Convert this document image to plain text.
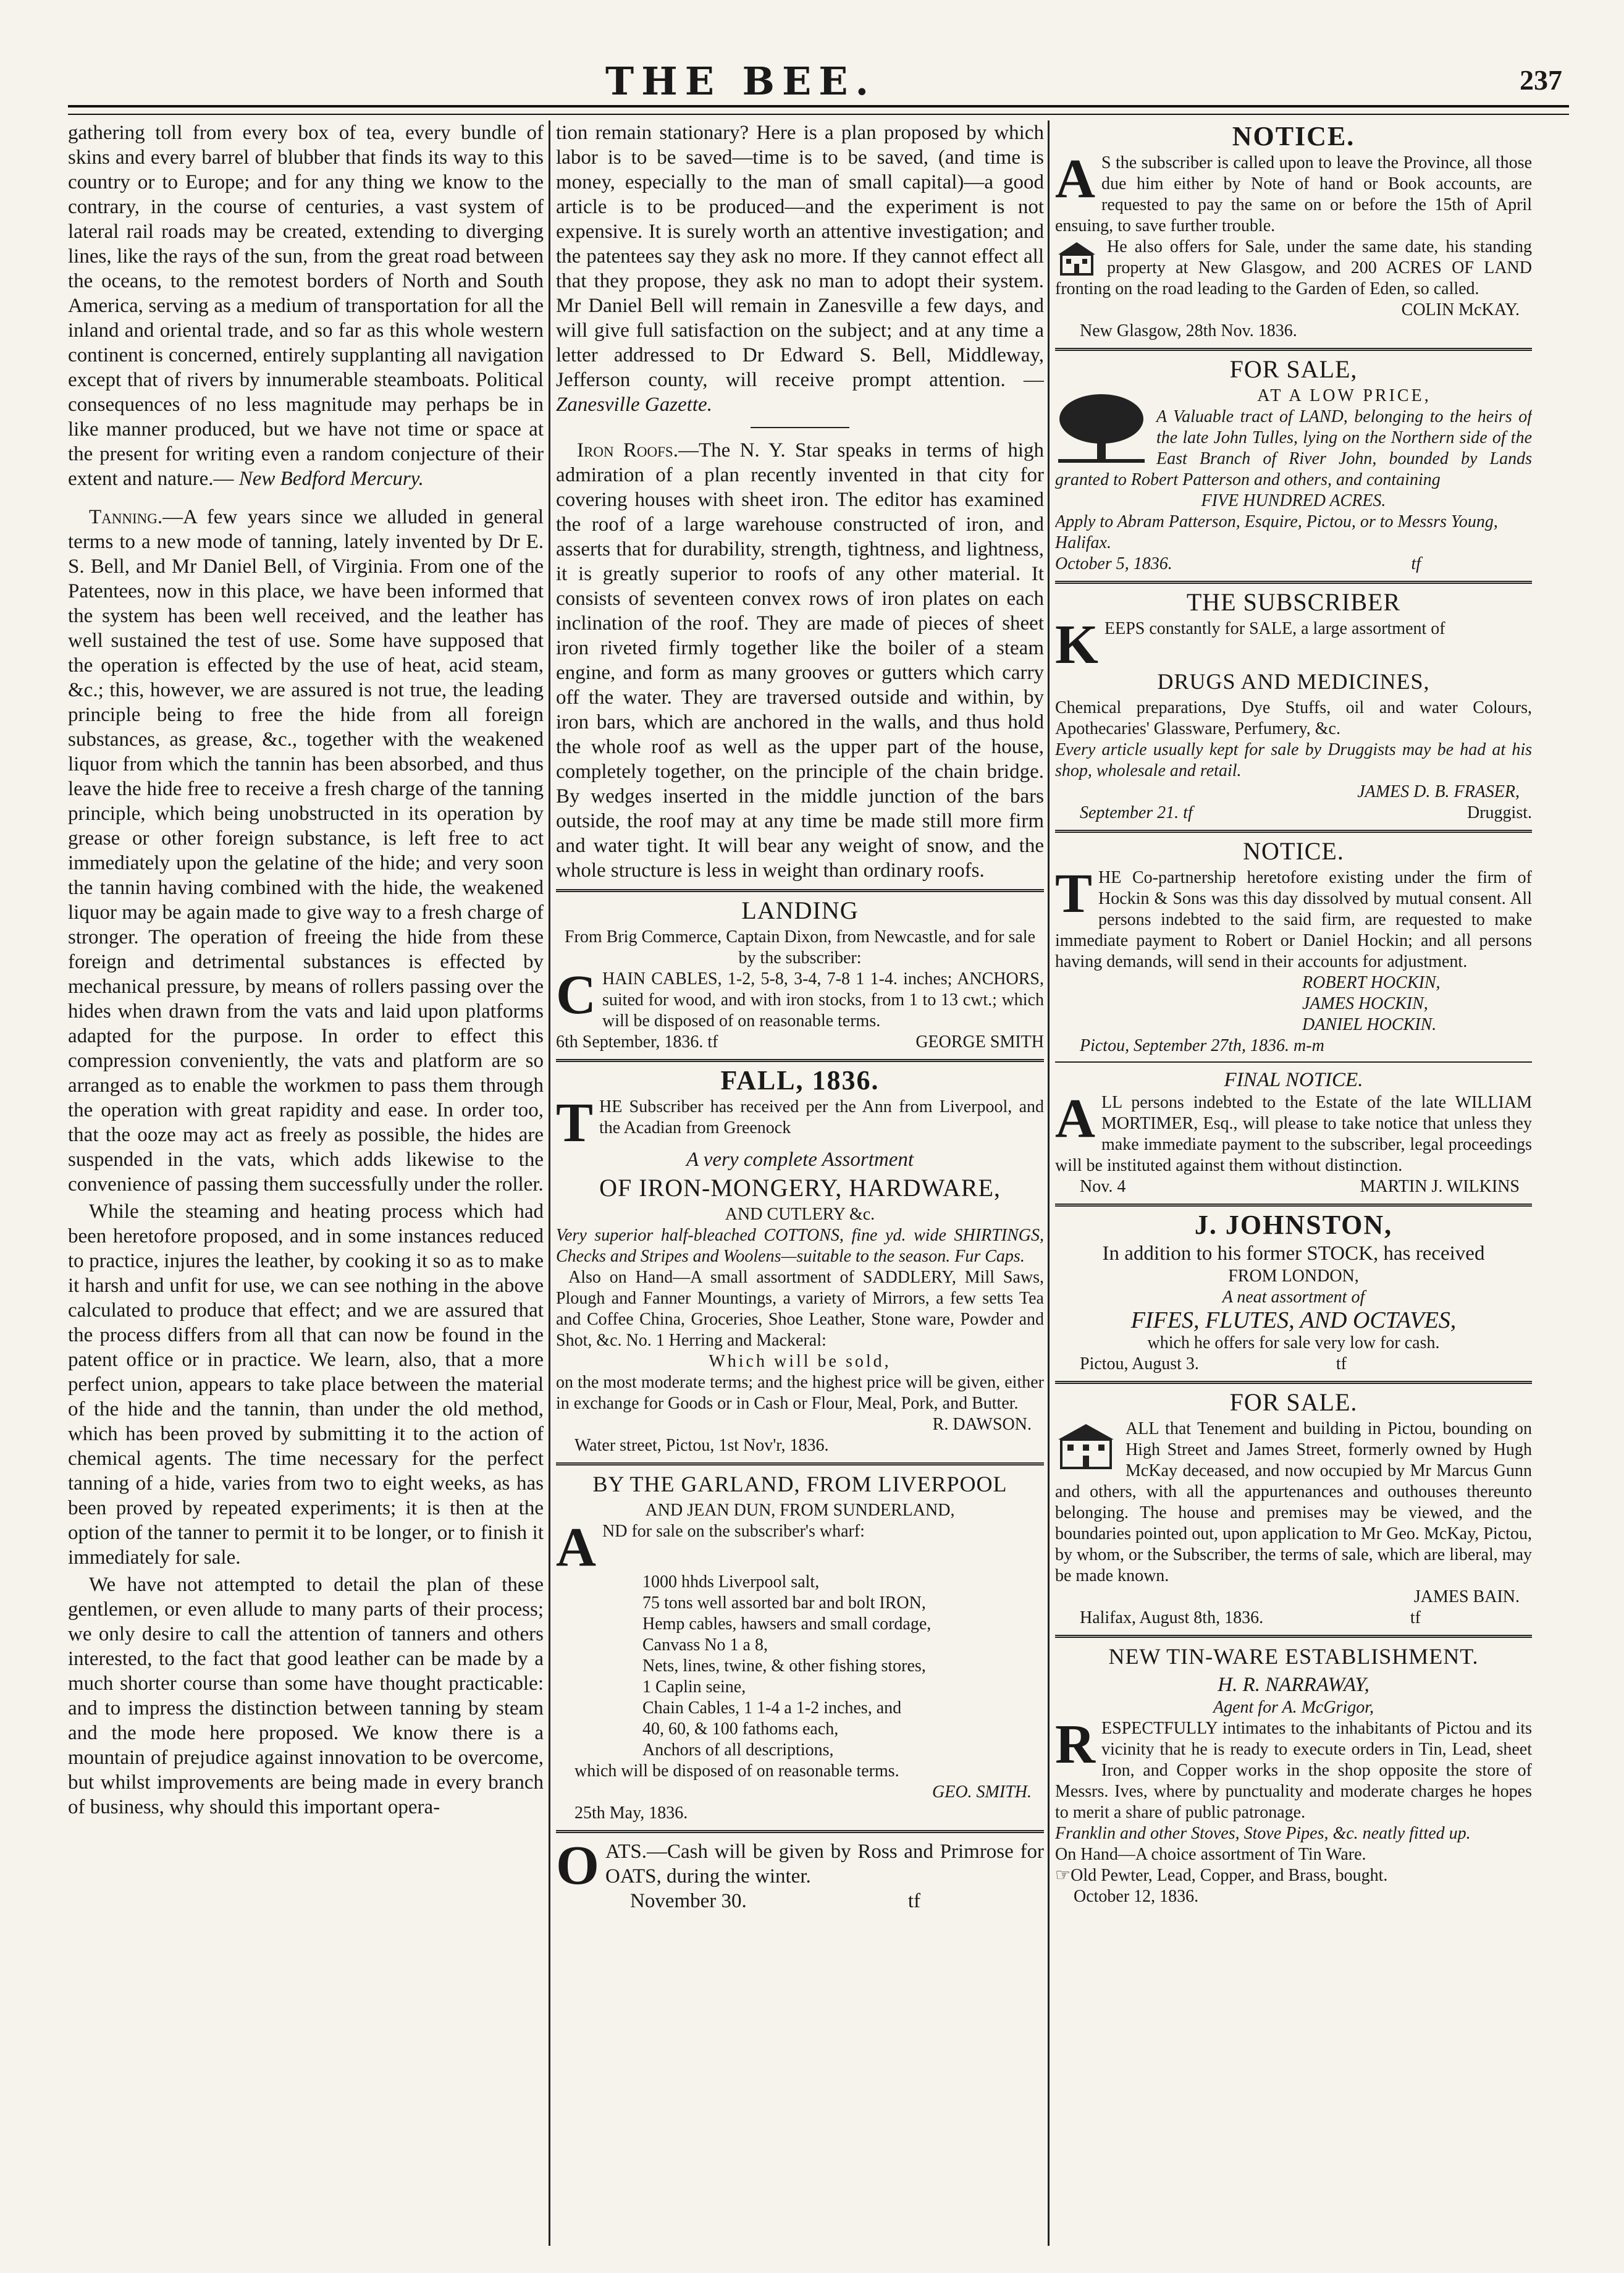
THE BEE.	237

gathering toll from every box of tea, every bundle of skins and every barrel of blubber that finds its way to this country or to Europe; and for any thing we know to the contrary, in the course of centuries, a vast system of lateral rail roads may be created, extending to diverging lines, like the rays of the sun, from the great road between the oceans, to the remotest borders of North and South America, serving as a medium of transportation for all the inland and oriental trade, and so far as this whole western continent is concerned, entirely supplanting all navigation except that of rivers by innumerable steamboats. Political consequences of no less magnitude may perhaps be in like manner produced, but we have not time or space at the present for writing even a random conjecture of their extent and nature.— New Bedford Mercury.

Tanning.—A few years since we alluded in general terms to a new mode of tanning, lately invented by Dr E. S. Bell, and Mr Daniel Bell, of Virginia. From one of the Patentees, now in this place, we have been informed that the system has been well received, and the leather has well sustained the test of use. Some have supposed that the operation is effected by the use of heat, acid steam, &c.; this, however, we are assured is not true, the leading principle being to free the hide from all foreign substances, as grease, &c., together with the weakened liquor from which the tannin has been absorbed, and thus leave the hide free to receive a fresh charge of the tanning principle, which being unobstructed in its operation by grease or other foreign substance, is left free to act immediately upon the gelatine of the hide; and very soon the tannin having combined with the hide, the weakened liquor may be again made to give way to a fresh charge of stronger. The operation of freeing the hide from these foreign and detrimental substances is effected by mechanical pressure, by means of rollers passing over the hides when drawn from the vats and laid upon platforms adapted for the purpose. In order to effect this compression conveniently, the vats and platform are so arranged as to enable the workmen to pass them through the operation with great rapidity and ease. In order too, that the ooze may act as freely as possible, the hides are suspended in the vats, which adds likewise to the convenience of passing them successfully under the roller.

While the steaming and heating process which had been heretofore proposed, and in some instances reduced to practice, injures the leather, by cooking it so as to make it harsh and unfit for use, we can see nothing in the above calculated to produce that effect; and we are assured that the process differs from all that can now be found in the patent office or in practice. We learn, also, that a more perfect union, appears to take place between the material of the hide and the tannin, than under the old method, which has been proved by submitting it to the action of chemical agents. The time necessary for the perfect tanning of a hide, varies from two to eight weeks, as has been proved by repeated experiments; it is then at the option of the tanner to permit it to be longer, or to finish it immediately for sale.

We have not attempted to detail the plan of these gentlemen, or even allude to many parts of their process; we only desire to call the attention of tanners and others interested, to the fact that good leather can be made by a much shorter course than some have thought practicable: and to impress the distinction between tanning by steam and the mode here proposed. We know there is a mountain of prejudice against innovation to be overcome, but whilst improvements are being made in every branch of business, why should this important opera-

tion remain stationary? Here is a plan proposed by which labor is to be saved—time is to be saved, (and time is money, especially to the man of small capital)—a good article is to be produced—and the experiment is not expensive. It is surely worth an attentive investigation; and the patentees say they ask no more. If they cannot effect all that they propose, they ask no man to adopt their system. Mr Daniel Bell will remain in Zanesville a few days, and will give full satisfaction on the subject; and at any time a letter addressed to Dr Edward S. Bell, Middleway, Jefferson county, will receive prompt attention. — Zanesville Gazette.

Iron Roofs.—The N. Y. Star speaks in terms of high admiration of a plan recently invented in that city for covering houses with sheet iron. The editor has examined the roof of a large warehouse constructed of iron, and asserts that for durability, strength, tightness, and lightness, it is greatly superior to roofs of any other material. It consists of seventeen convex rows of iron plates on each inclination of the roof. They are made of pieces of sheet iron riveted firmly together like the boiler of a steam engine, and form as many grooves or gutters which carry off the water. They are traversed outside and within, by iron bars, which are anchored in the walls, and thus hold the whole roof as well as the upper part of the house, completely together, on the principle of the chain bridge. By wedges inserted in the middle junction of the bars outside, the roof may at any time be made still more firm and water tight. It will bear any weight of snow, and the whole structure is less in weight than ordinary roofs.

LANDING
From Brig Commerce, Captain Dixon, from Newcastle, and for sale by the subscriber:
CHAIN CABLES, 1-2, 5-8, 3-4, 7-8 1 1-4. inches; ANCHORS, suited for wood, and with iron stocks, from 1 to 13 cwt.; which will be disposed of on reasonable terms.
6th September, 1836. tf	GEORGE SMITH
FALL, 1836.
THE Subscriber has received per the Ann from Liverpool, and the Acadian from Greenock
A very complete Assortment
OF IRON-MONGERY, HARDWARE,
AND CUTLERY &c.
Very superior half-bleached COTTONS, fine yd. wide SHIRTINGS, Checks and Stripes and Woolens—suitable to the season. Fur Caps.
Also on Hand—A small assortment of SADDLERY, Mill Saws, Plough and Fanner Mountings, a variety of Mirrors, a few setts Tea and Coffee China, Groceries, Shoe Leather, Stone ware, Powder and Shot, &c. No. 1 Herring and Mackeral:
Which will be sold,
on the most moderate terms; and the highest price will be given, either in exchange for Goods or in Cash or Flour, Meal, Pork, and Butter.
R. DAWSON.
Water street, Pictou, 1st Nov'r, 1836.
BY THE GARLAND, FROM LIVERPOOL
AND JEAN DUN, FROM SUNDERLAND,
AND for sale on the subscriber's wharf:
1000 hhds Liverpool salt,
75 tons well assorted bar and bolt IRON,
Hemp cables, hawsers and small cordage,
Canvass No 1 a 8,
Nets, lines, twine, & other fishing stores,
1 Caplin seine,
Chain Cables, 1 1-4 a 1-2 inches, and
40, 60, & 100 fathoms each,
Anchors of all descriptions,
which will be disposed of on reasonable terms.
GEO. SMITH.
25th May, 1836.
OATS.—Cash will be given by Ross and Primrose for OATS, during the winter.
November 30.	tf
NOTICE.
A S the subscriber is called upon to leave the Province, all those due him either by Note of hand or Book accounts, are requested to pay the same on or before the 15th of April ensuing, to save further trouble.
He also offers for Sale, under the same date, his standing property at New Glasgow, and 200 ACRES OF LAND fronting on the road leading to the Garden of Eden, so called.
COLIN McKAY.
New Glasgow, 28th Nov. 1836.
FOR SALE,
AT A LOW PRICE,
A Valuable tract of LAND, belonging to the heirs of the late John Tulles, lying on the Northern side of the East Branch of River John, bounded by Lands granted to Robert Patterson and others, and containing
FIVE HUNDRED ACRES.
Apply to Abram Patterson, Esquire, Pictou, or to Messrs Young, Halifax.
October 5, 1836.	tf
THE SUBSCRIBER
KEEPS constantly for SALE, a large assortment of
DRUGS AND MEDICINES,
Chemical preparations, Dye Stuffs, oil and water Colours, Apothecaries' Glassware, Perfumery, &c.
Every article usually kept for sale by Druggists may be had at his shop, wholesale and retail.
JAMES D. B. FRASER,
September 21. tf	Druggist.
NOTICE.
THE Co-partnership heretofore existing under the firm of Hockin & Sons was this day dissolved by mutual consent. All persons indebted to the said firm, are requested to make immediate payment to Robert or Daniel Hockin; and all persons having demands, will send in their accounts for adjustment.
ROBERT HOCKIN,
JAMES HOCKIN,
DANIEL HOCKIN.
Pictou, September 27th, 1836. m-m
FINAL NOTICE.
ALL persons indebted to the Estate of the late WILLIAM MORTIMER, Esq., will please to take notice that unless they make immediate payment to the subscriber, legal proceedings will be instituted against them without distinction.
Nov. 4	MARTIN J. WILKINS
J. JOHNSTON,
In addition to his former STOCK, has received
FROM LONDON,
A neat assortment of
FIFES, FLUTES, AND OCTAVES,
which he offers for sale very low for cash.
Pictou, August 3.	tf
FOR SALE.
ALL that Tenement and building in Pictou, bounding on High Street and James Street, formerly owned by Hugh McKay deceased, and now occupied by Mr Marcus Gunn and others, with all the appurtenances and outhouses thereunto belonging. The house and premises may be viewed, and the boundaries pointed out, upon application to Mr Geo. McKay, Pictou, by whom, or the Subscriber, the terms of sale, which are liberal, may be made known.
JAMES BAIN.
Halifax, August 8th, 1836.	tf
NEW TIN-WARE ESTABLISHMENT.
H. R. NARRAWAY,
Agent for A. McGrigor,
RESPECTFULLY intimates to the inhabitants of Pictou and its vicinity that he is ready to execute orders in Tin, Lead, sheet Iron, and Copper works in the shop opposite the store of Messrs. Ives, where by punctuality and moderate charges he hopes to merit a share of public patronage.
Franklin and other Stoves, Stove Pipes, &c. neatly fitted up.
On Hand—A choice assortment of Tin Ware.
☞Old Pewter, Lead, Copper, and Brass, bought.
October 12, 1836.
